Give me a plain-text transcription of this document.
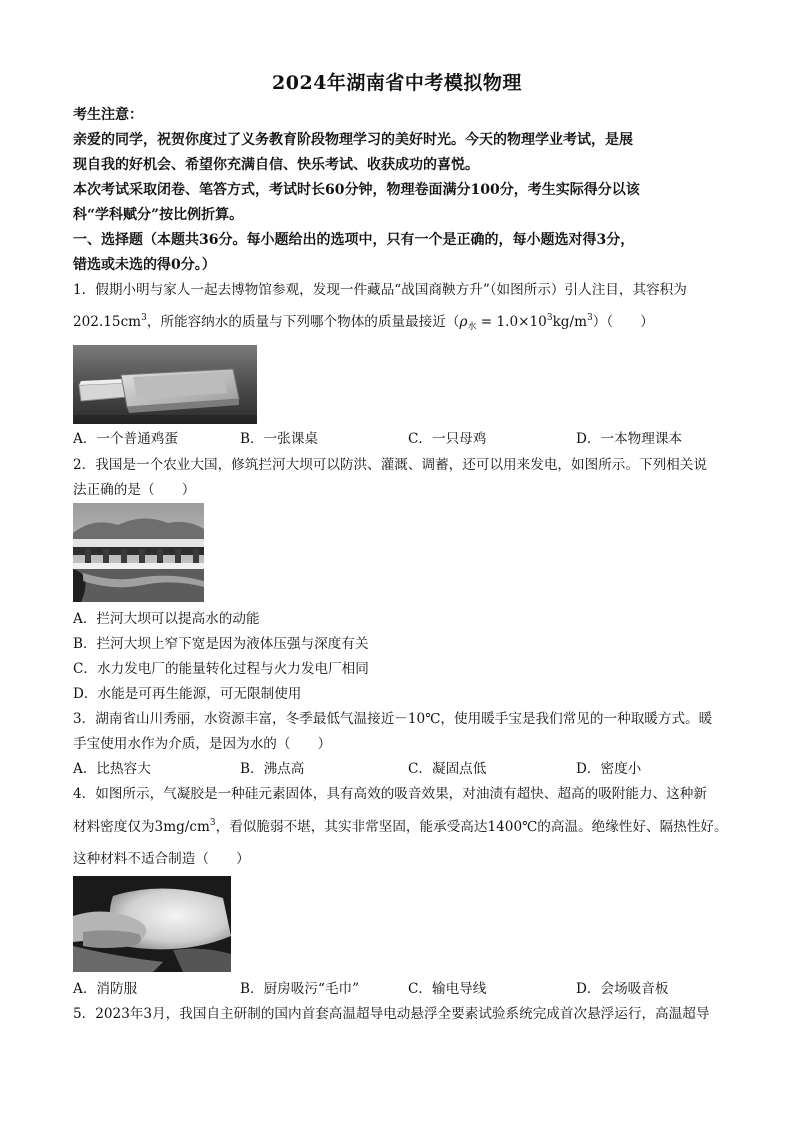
2024年湖南省中考模拟物理
考生注意：
亲爱的同学，祝贺你度过了义务教育阶段物理学习的美好时光。今天的物理学业考试，是展
现自我的好机会、希望你充满自信、快乐考试、收获成功的喜悦。
本次考试采取闭卷、笔答方式，考试时长60分钟，物理卷面满分100分，考生实际得分以该
科“学科赋分”按比例折算。
一、选择题（本题共36分。每小题给出的选项中，只有一个是正确的，每小题选对得3分，
错选或未选的得0分。）
1．假期小明与家人一起去博物馆参观，发现一件藏品“战国商鞅方升”（如图所示）引人注目，其容积为
$202.15cm^3$，所能容纳水的质量与下列哪个物体的质量最接近$(\rho_水 = 1.0\times 10^3kg/m^3)$（　　）
A．一个普通鸡蛋	B．一张课桌	C．一只母鸡	D．一本物理课本
2．我国是一个农业大国，修筑拦河大坝可以防洪、灌溉、调蓄，还可以用来发电，如图所示。下列相关说
法正确的是（　　）
A．拦河大坝可以提高水的动能
B．拦河大坝上窄下宽是因为液体压强与深度有关
C．水力发电厂的能量转化过程与火力发电厂相同
D．水能是可再生能源，可无限制使用
3．湖南省山川秀丽，水资源丰富，冬季最低气温接近－10℃，使用暖手宝是我们常见的一种取暖方式。暖
手宝使用水作为介质，是因为水的（　　）
A．比热容大	B．沸点高	C．凝固点低	D．密度小
4．如图所示，气凝胶是一种硅元素固体，具有高效的吸音效果，对油渍有超快、超高的吸附能力、这种新
材料密度仅为$3mg/cm^3$，看似脆弱不堪，其实非常坚固，能承受高达1400℃的高温。绝缘性好、隔热性好。
这种材料不适合制造（　　）
A．消防服	B．厨房吸污“毛巾”	C．输电导线	D．会场吸音板
5．2023年3月，我国自主研制的国内首套高温超导电动悬浮全要素试验系统完成首次悬浮运行，高温超导
